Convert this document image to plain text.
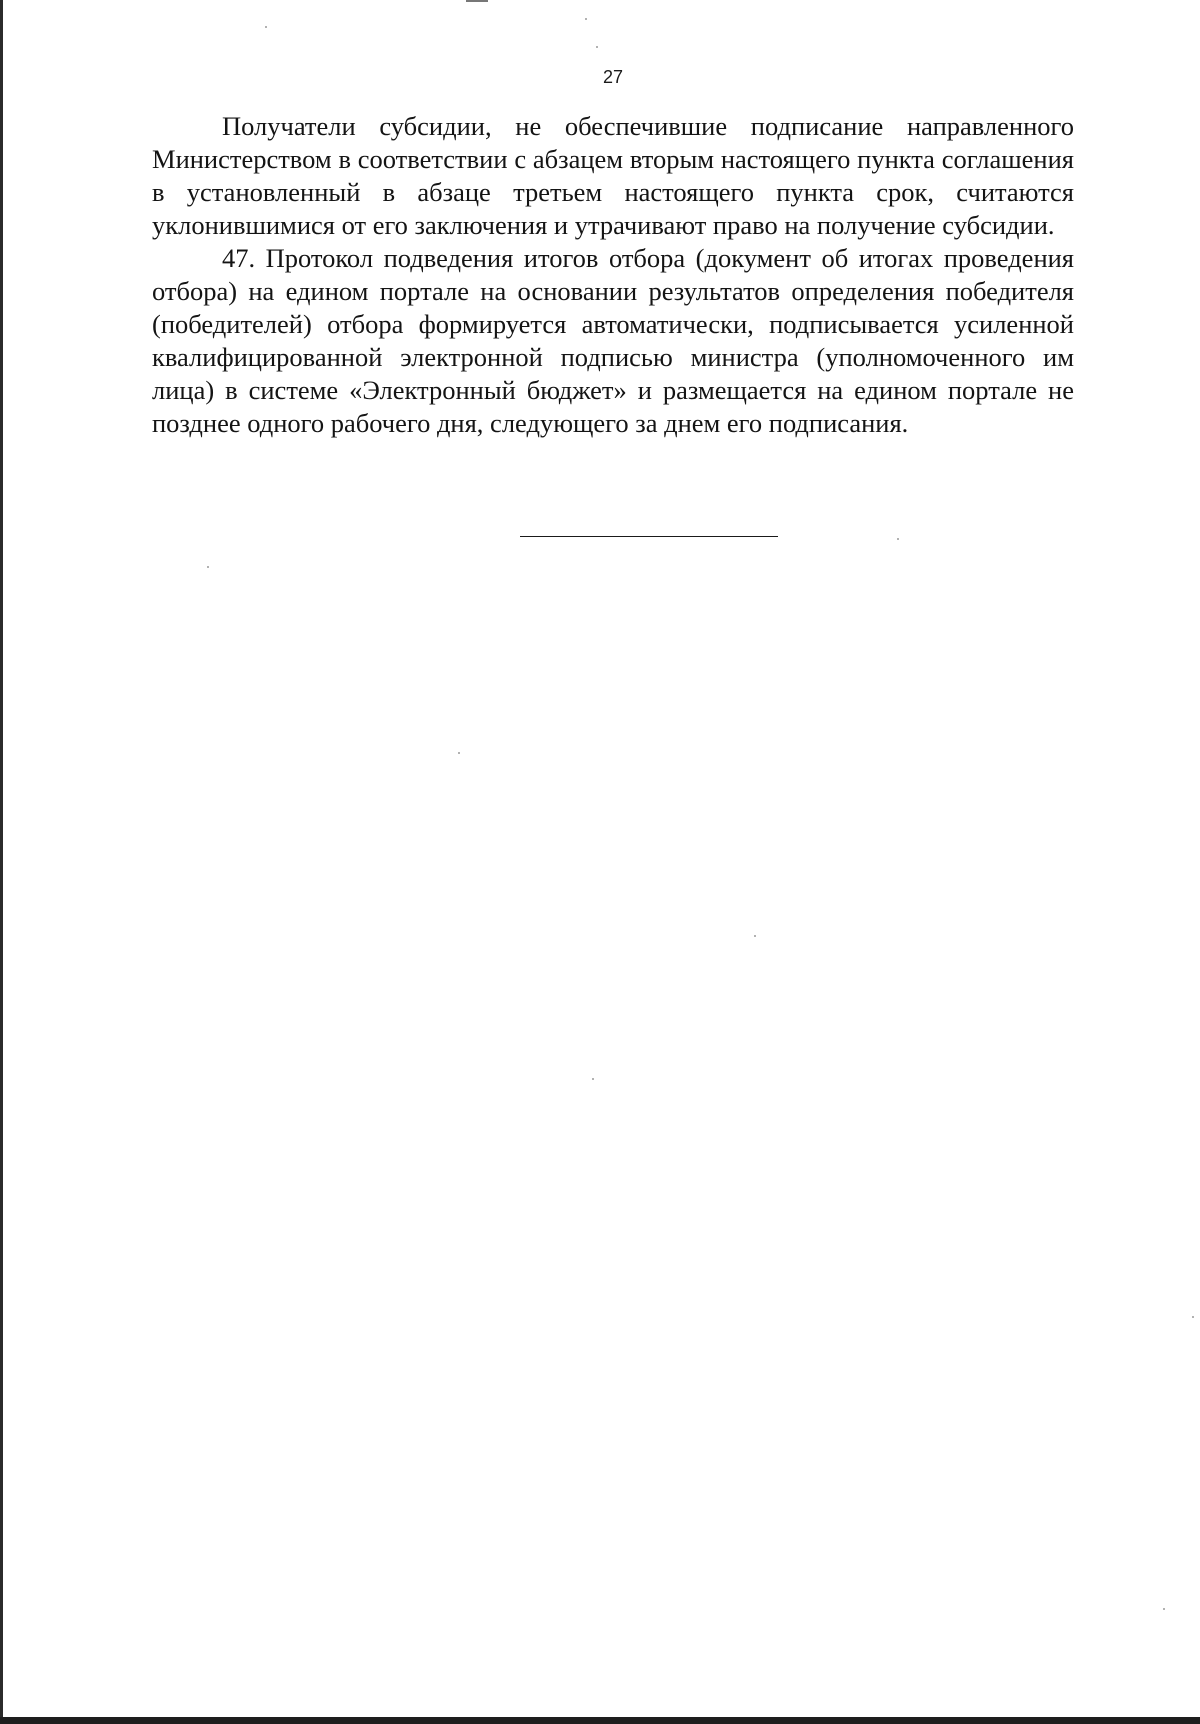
27

Получатели субсидии, не обеспечившие подписание направленного Министерством в соответствии с абзацем вторым настоящего пункта соглашения в установленный в абзаце третьем настоящего пункта срок, считаются уклонившимися от его заключения и утрачивают право на получение субсидии.

47. Протокол подведения итогов отбора (документ об итогах проведения отбора) на едином портале на основании результатов определения победителя (победителей) отбора формируется автоматически, подписывается усиленной квалифицированной электронной подписью министра (уполномоченного им лица) в системе «Электронный бюджет» и размещается на едином портале не позднее одного рабочего дня, следующего за днем его подписания.
